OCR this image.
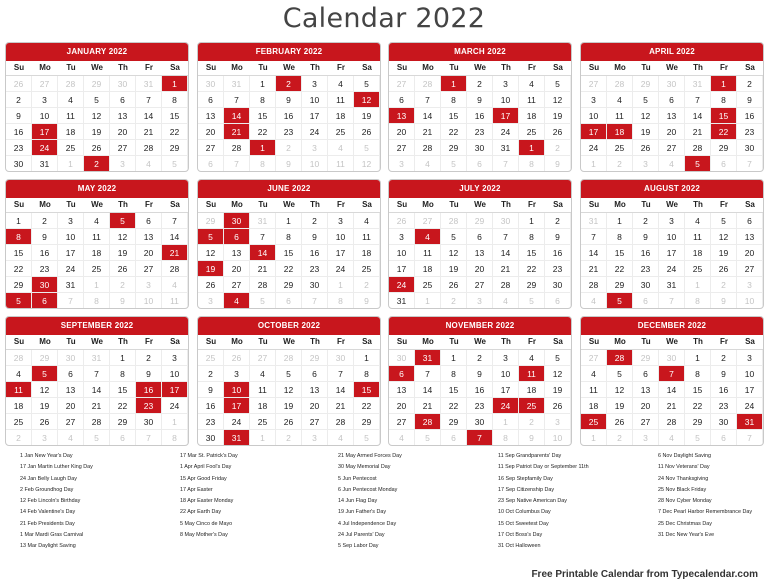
Calendar 2022
JANUARY 2022
Su	Mo	Tu	We	Th	Fr	Sa
26	27	28	29	30	31	1
2	3	4	5	6	7	8
9	10	11	12	13	14	15
16	17	18	19	20	21	22
23	24	25	26	27	28	29
30	31	1	2	3	4	5
FEBRUARY 2022
Su	Mo	Tu	We	Th	Fr	Sa
30	31	1	2	3	4	5
6	7	8	9	10	11	12
13	14	15	16	17	18	19
20	21	22	23	24	25	26
27	28	1	2	3	4	5
6	7	8	9	10	11	12
MARCH 2022
Su	Mo	Tu	We	Th	Fr	Sa
27	28	1	2	3	4	5
6	7	8	9	10	11	12
13	14	15	16	17	18	19
20	21	22	23	24	25	26
27	28	29	30	31	1	2
3	4	5	6	7	8	9
APRIL 2022
Su	Mo	Tu	We	Th	Fr	Sa
27	28	29	30	31	1	2
3	4	5	6	7	8	9
10	11	12	13	14	15	16
17	18	19	20	21	22	23
24	25	26	27	28	29	30
1	2	3	4	5	6	7
MAY 2022
Su	Mo	Tu	We	Th	Fr	Sa
1	2	3	4	5	6	7
8	9	10	11	12	13	14
15	16	17	18	19	20	21
22	23	24	25	26	27	28
29	30	31	1	2	3	4
5	6	7	8	9	10	11
JUNE 2022
Su	Mo	Tu	We	Th	Fr	Sa
29	30	31	1	2	3	4
5	6	7	8	9	10	11
12	13	14	15	16	17	18
19	20	21	22	23	24	25
26	27	28	29	30	1	2
3	4	5	6	7	8	9
JULY 2022
Su	Mo	Tu	We	Th	Fr	Sa
26	27	28	29	30	1	2
3	4	5	6	7	8	9
10	11	12	13	14	15	16
17	18	19	20	21	22	23
24	25	26	27	28	29	30
31	1	2	3	4	5	6
AUGUST 2022
Su	Mo	Tu	We	Th	Fr	Sa
31	1	2	3	4	5	6
7	8	9	10	11	12	13
14	15	16	17	18	19	20
21	22	23	24	25	26	27
28	29	30	31	1	2	3
4	5	6	7	8	9	10
SEPTEMBER 2022
Su	Mo	Tu	We	Th	Fr	Sa
28	29	30	31	1	2	3
4	5	6	7	8	9	10
11	12	13	14	15	16	17
18	19	20	21	22	23	24
25	26	27	28	29	30	1
2	3	4	5	6	7	8
OCTOBER 2022
Su	Mo	Tu	We	Th	Fr	Sa
25	26	27	28	29	30	1
2	3	4	5	6	7	8
9	10	11	12	13	14	15
16	17	18	19	20	21	22
23	24	25	26	27	28	29
30	31	1	2	3	4	5
NOVEMBER 2022
Su	Mo	Tu	We	Th	Fr	Sa
30	31	1	2	3	4	5
6	7	8	9	10	11	12
13	14	15	16	17	18	19
20	21	22	23	24	25	26
27	28	29	30	1	2	3
4	5	6	7	8	9	10
DECEMBER 2022
Su	Mo	Tu	We	Th	Fr	Sa
27	28	29	30	1	2	3
4	5	6	7	8	9	10
11	12	13	14	15	16	17
18	19	20	21	22	23	24
25	26	27	28	29	30	31
1	2	3	4	5	6	7
1 Jan New Year's Day
17 Jan Martin Luther King Day
24 Jan Belly Laugh Day
2 Feb Groundhog Day
12 Feb Lincoln's Birthday
14 Feb Valentine's Day
21 Feb Presidents Day
1 Mar Mardi Gras Carnival
13 Mar Daylight Saving
17 Mar St. Patrick's Day
1 Apr April Fool's Day
15 Apr Good Friday
17 Apr Easter
18 Apr Easter Monday
22 Apr Earth Day
5 May Cinco de Mayo
8 May Mother's Day
21 May Armed Forces Day
30 May Memorial Day
5 Jun Pentecost
6 Jun Pentecost Monday
14 Jun Flag Day
19 Jun Father's Day
4 Jul Independence Day
24 Jul Parents' Day
5 Sep Labor Day
11 Sep Grandparents' Day
11 Sep Patriot Day or September 11th
16 Sep Stepfamily Day
17 Sep Citizenship Day
23 Sep Native American Day
10 Oct Columbus Day
15 Oct Sweetest Day
17 Oct Boss's Day
31 Oct Halloween
6 Nov Daylight Saving
11 Nov Veterans' Day
24 Nov Thanksgiving
25 Nov Black Friday
28 Nov Cyber Monday
7 Dec Pearl Harbor Remembrance Day
25 Dec Christmas Day
31 Dec New Year's Eve
Free Printable Calendar from Typecalendar.com
